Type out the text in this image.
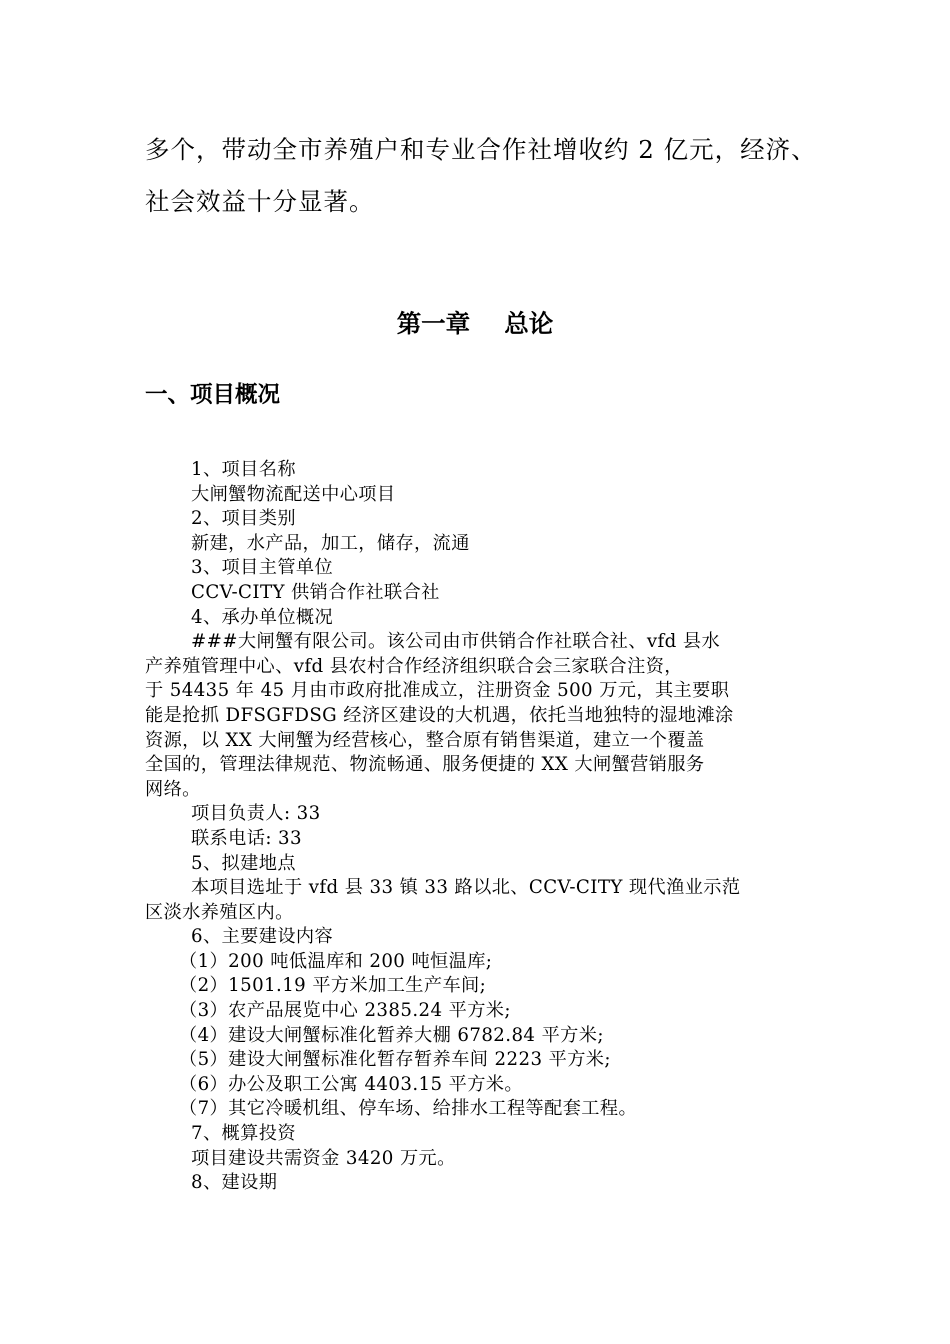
多个，带动全市养殖户和专业合作社增收约 2 亿元，经济、
社会效益十分显著。
第一章    总论
一、项目概况
1、项目名称
大闸蟹物流配送中心项目
2、项目类别
新建，水产品，加工，储存，流通
3、项目主管单位
CCV-CITY 供销合作社联合社
4、承办单位概况
###大闸蟹有限公司。该公司由市供销合作社联合社、vfd 县水
产养殖管理中心、vfd 县农村合作经济组织联合会三家联合注资，
于 54435 年 45 月由市政府批准成立，注册资金 500 万元，其主要职
能是抢抓 DFSGFDSG 经济区建设的大机遇，依托当地独特的湿地滩涂
资源，以 XX 大闸蟹为经营核心，整合原有销售渠道，建立一个覆盖
全国的，管理法律规范、物流畅通、服务便捷的 XX 大闸蟹营销服务
网络。
项目负责人: 33
联系电话: 33
5、拟建地点
本项目选址于 vfd 县 33 镇 33 路以北、CCV-CITY 现代渔业示范
区淡水养殖区内。
6、主要建设内容
（1）200 吨低温库和 200 吨恒温库;
（2）1501.19 平方米加工生产车间;
（3）农产品展览中心 2385.24 平方米;
（4）建设大闸蟹标准化暂养大棚 6782.84 平方米;
（5）建设大闸蟹标准化暂存暂养车间 2223 平方米;
（6）办公及职工公寓 4403.15 平方米。
（7）其它冷暖机组、停车场、给排水工程等配套工程。
7、概算投资
项目建设共需资金 3420 万元。
8、建设期
